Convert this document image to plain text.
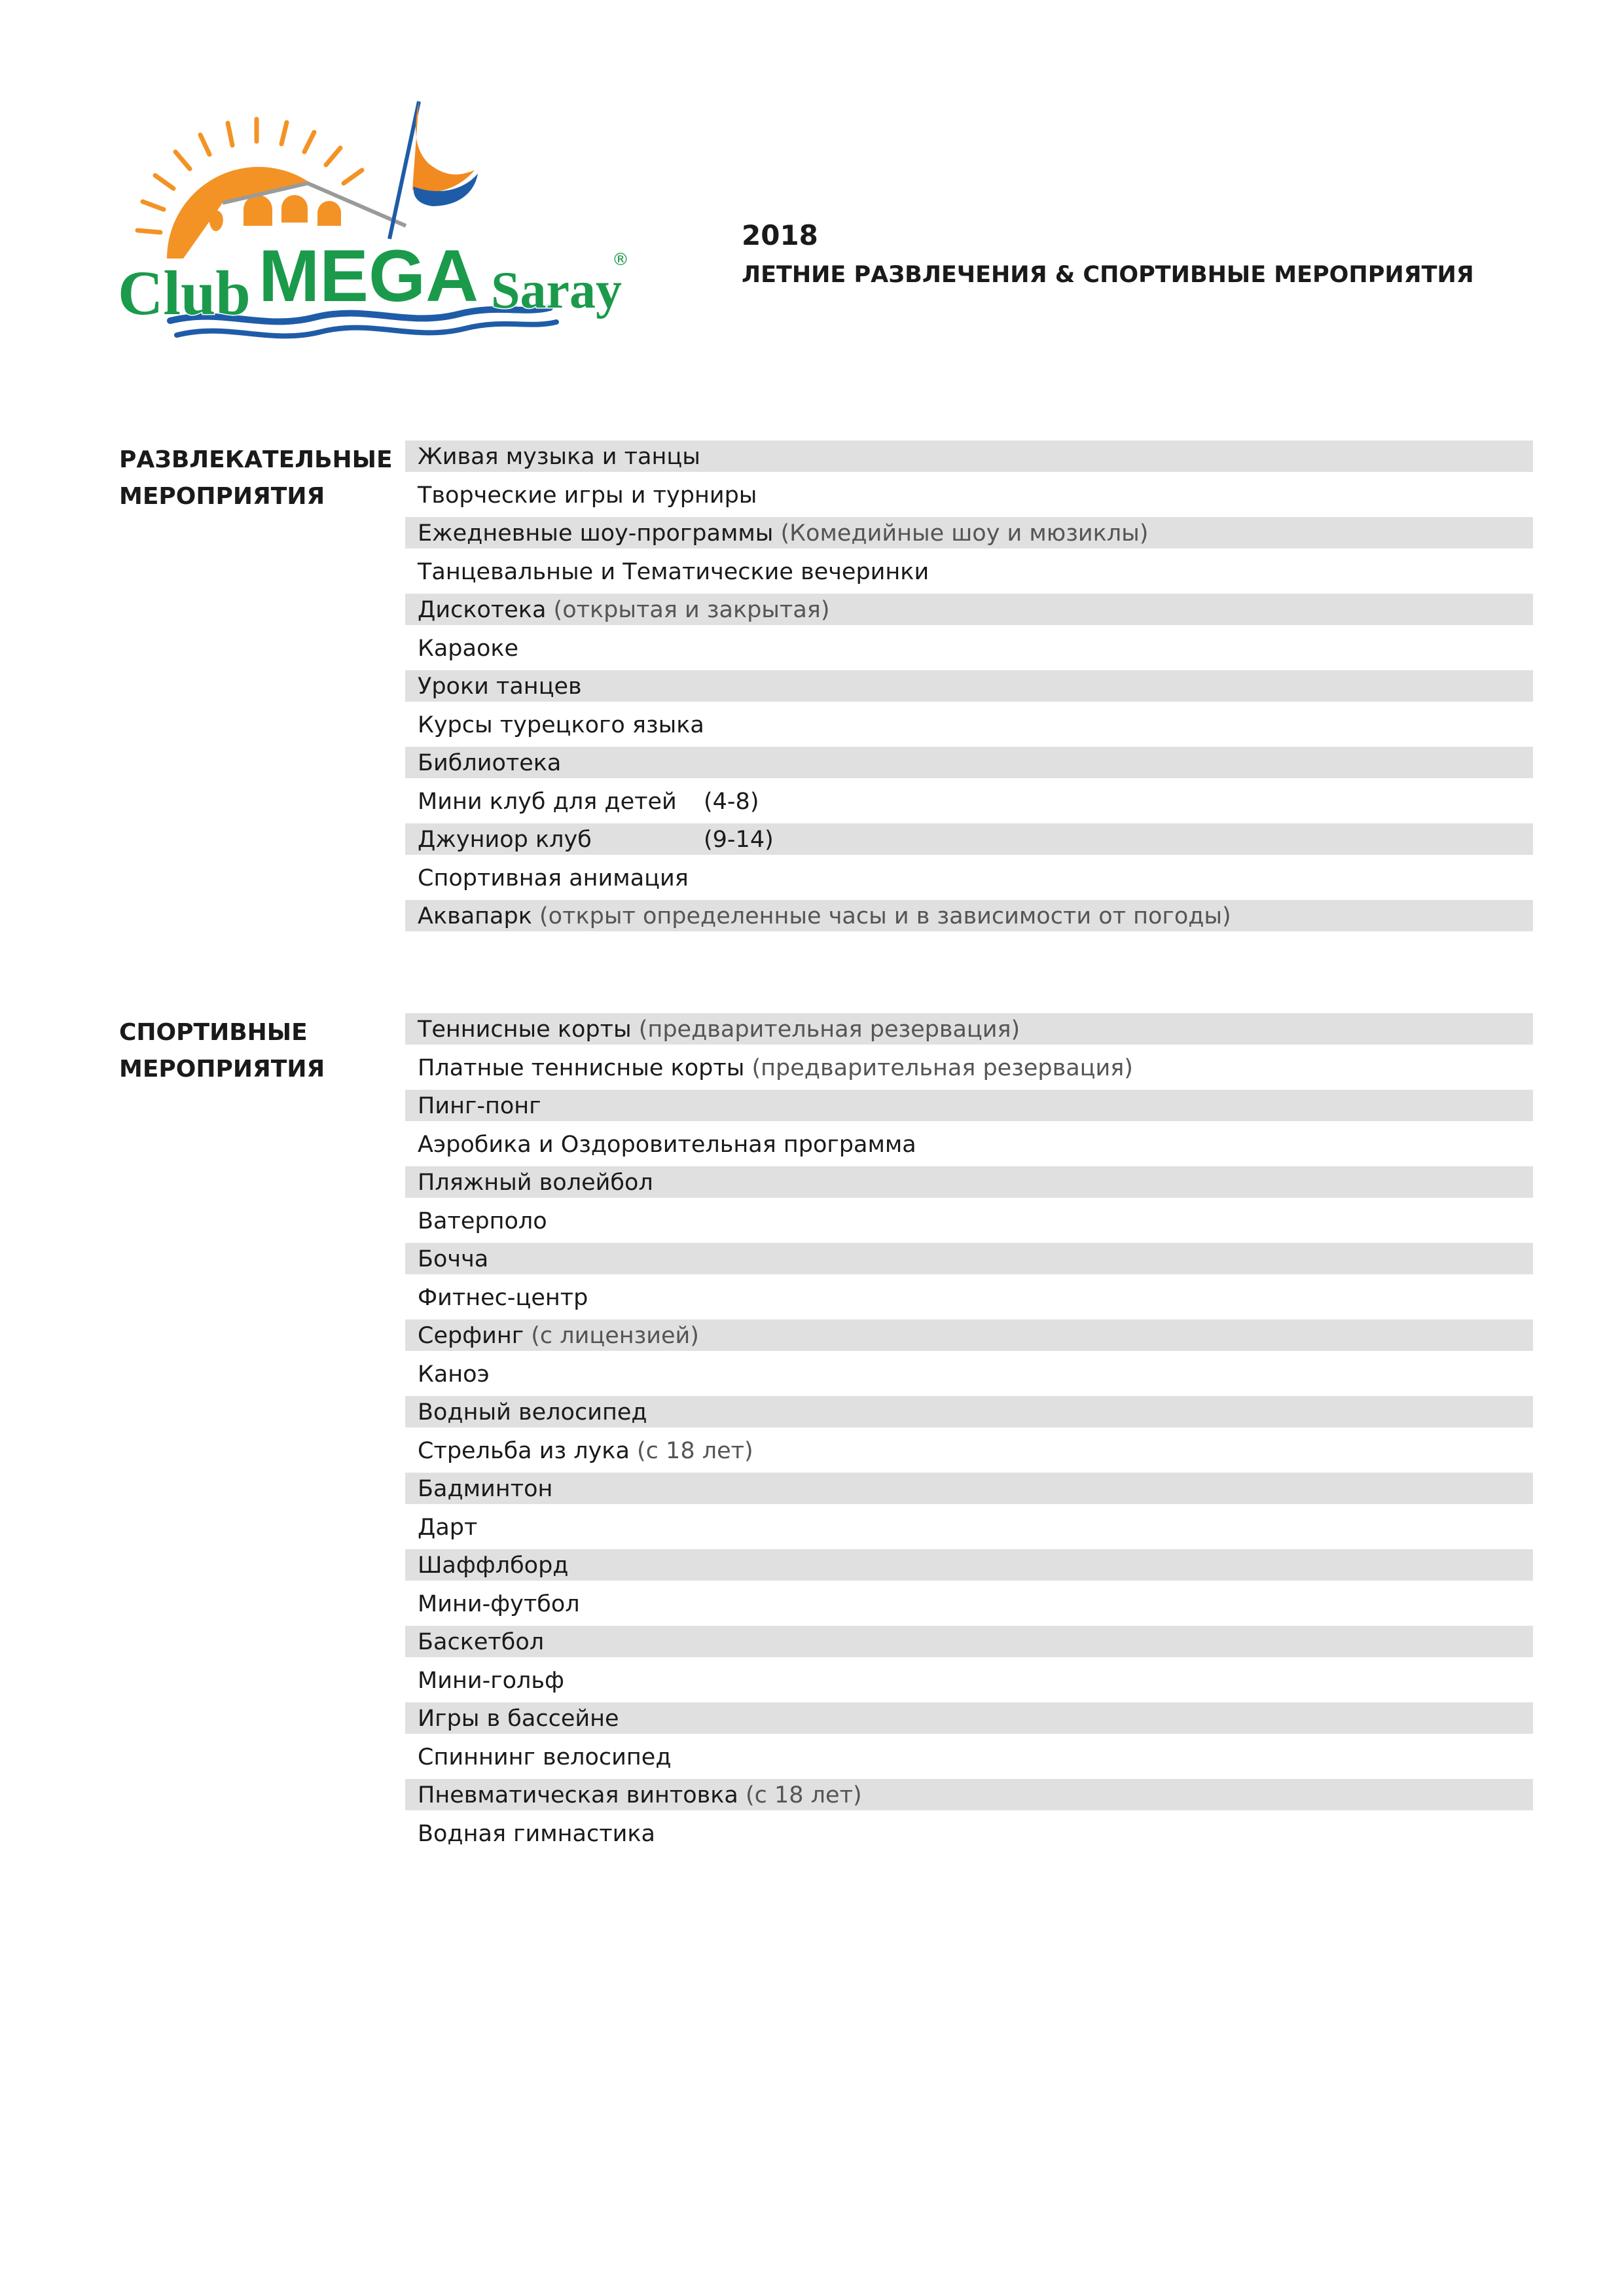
Club MEGA Saray
®
2018
ЛЕТНИЕ РАЗВЛЕЧЕНИЯ & СПОРТИВНЫЕ МЕРОПРИЯТИЯ
РАЗВЛЕКАТЕЛЬНЫЕ
МЕРОПРИЯТИЯ
Живая музыка и танцы
Творческие игры и турниры
Ежедневные шоу-программы (Комедийные шоу и мюзиклы)
Танцевальные и Тематические вечеринки
Дискотека (открытая и закрытая)
Караоке
Уроки танцев
Курсы турецкого языка
Библиотека
Мини клуб для детей (4-8)
Джуниор клуб	(9-14)
Спортивная анимация
Аквапарк (открыт определенные часы и в зависимости от погоды)
СПОРТИВНЫЕ
МЕРОПРИЯТИЯ
Теннисные корты (предварительная резервация)
Платные теннисные корты (предварительная резервация)
Пинг-понг
Аэробика и Оздоровительная программа
Пляжный волейбол
Ватерполо
Бочча
Фитнес-центр
Серфинг (с лицензией)
Каноэ
Водный велосипед
Стрельба из лука (с 18 лет)
Бадминтон
Дарт
Шаффлборд
Мини-футбол
Баскетбол
Мини-гольф
Игры в бассейне
Спиннинг велосипед
Пневматическая винтовка (с 18 лет)
Водная гимнастика
